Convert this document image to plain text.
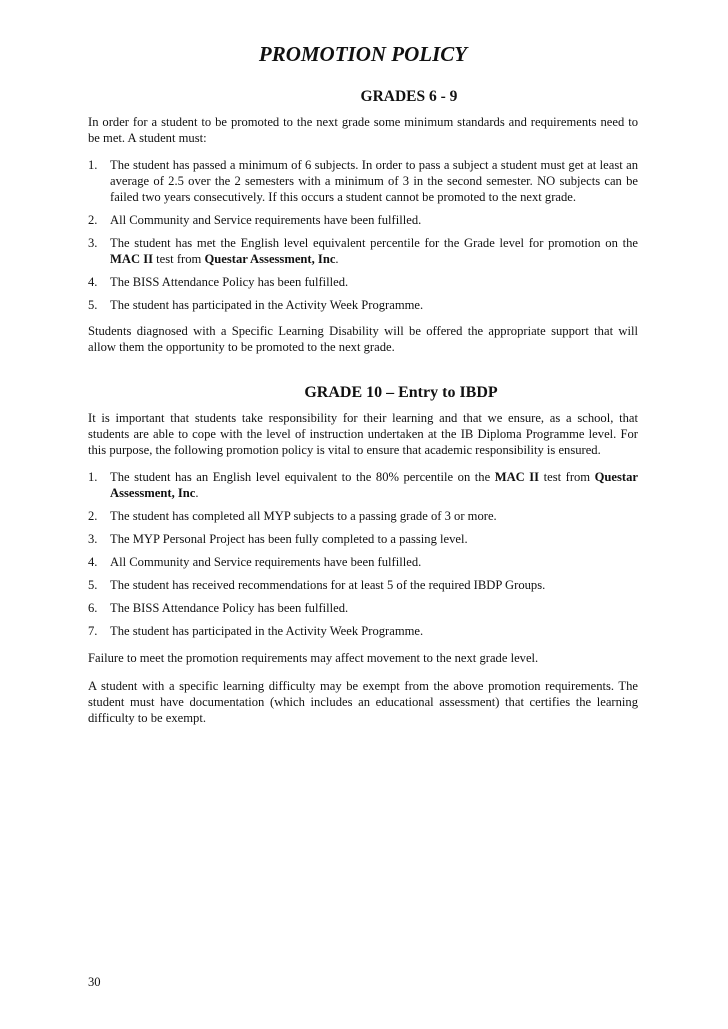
PROMOTION POLICY
GRADES 6 - 9

In order for a student to be promoted to the next grade some minimum standards and requirements need to be met. A student must:

1. The student has passed a minimum of 6 subjects. In order to pass a subject a student must get at least an average of 2.5 over the 2 semesters with a minimum of 3 in the second semester. NO subjects can be failed two years consecutively. If this occurs a student cannot be promoted to the next grade.
2. All Community and Service requirements have been fulfilled.
3. The student has met the English level equivalent percentile for the Grade level for promotion on the MAC II test from Questar Assessment, Inc.
4. The BISS Attendance Policy has been fulfilled.
5. The student has participated in the Activity Week Programme.

Students diagnosed with a Specific Learning Disability will be offered the appropriate support that will allow them the opportunity to be promoted to the next grade.

GRADE 10 – Entry to IBDP

It is important that students take responsibility for their learning and that we ensure, as a school, that students are able to cope with the level of instruction undertaken at the IB Diploma Programme level. For this purpose, the following promotion policy is vital to ensure that academic responsibility is ensured.

1. The student has an English level equivalent to the 80% percentile on the MAC II test from Questar Assessment, Inc.
2. The student has completed all MYP subjects to a passing grade of 3 or more.
3. The MYP Personal Project has been fully completed to a passing level.
4. All Community and Service requirements have been fulfilled.
5. The student has received recommendations for at least 5 of the required IBDP Groups.
6. The BISS Attendance Policy has been fulfilled.
7. The student has participated in the Activity Week Programme.

Failure to meet the promotion requirements may affect movement to the next grade level.

A student with a specific learning difficulty may be exempt from the above promotion requirements. The student must have documentation (which includes an educational assessment) that certifies the learning difficulty to be exempt.

30
